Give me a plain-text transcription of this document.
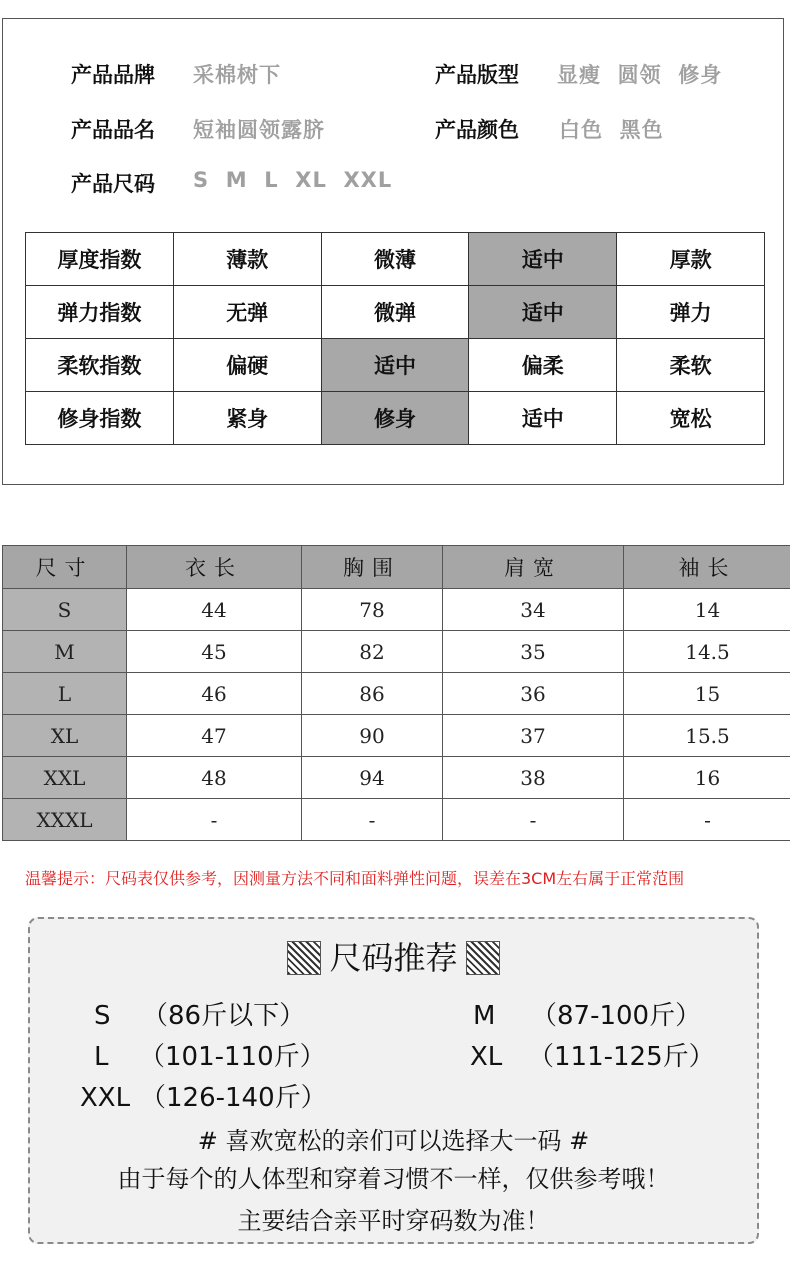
产品品牌 采棉树下	产品版型 显瘦  圆领  修身
产品品名 短袖圆领露脐	产品颜色 白色  黑色
产品尺码 S  M  L  XL  XXL
厚度指数	薄款	微薄	适中	厚款
弹力指数	无弹	微弹	适中	弹力
柔软指数	偏硬	适中	偏柔	柔软
修身指数	紧身	修身	适中	宽松
尺寸	衣长	胸围	肩宽	袖长
S	44	78	34	14
M	45	82	35	14.5
L	46	86	36	15
XL	47	90	37	15.5
XXL	48	94	38	16
XXXL	-	-	-	-
温馨提示：尺码表仅供参考，因测量方法不同和面料弹性问题，误差在3CM左右属于正常范围
尺码推荐
S （86斤以下）	M （87-100斤）
L （101-110斤）	XL （111-125斤）
XXL （126-140斤）
# 喜欢宽松的亲们可以选择大一码 #
由于每个的人体型和穿着习惯不一样，仅供参考哦！
主要结合亲平时穿码数为准！
